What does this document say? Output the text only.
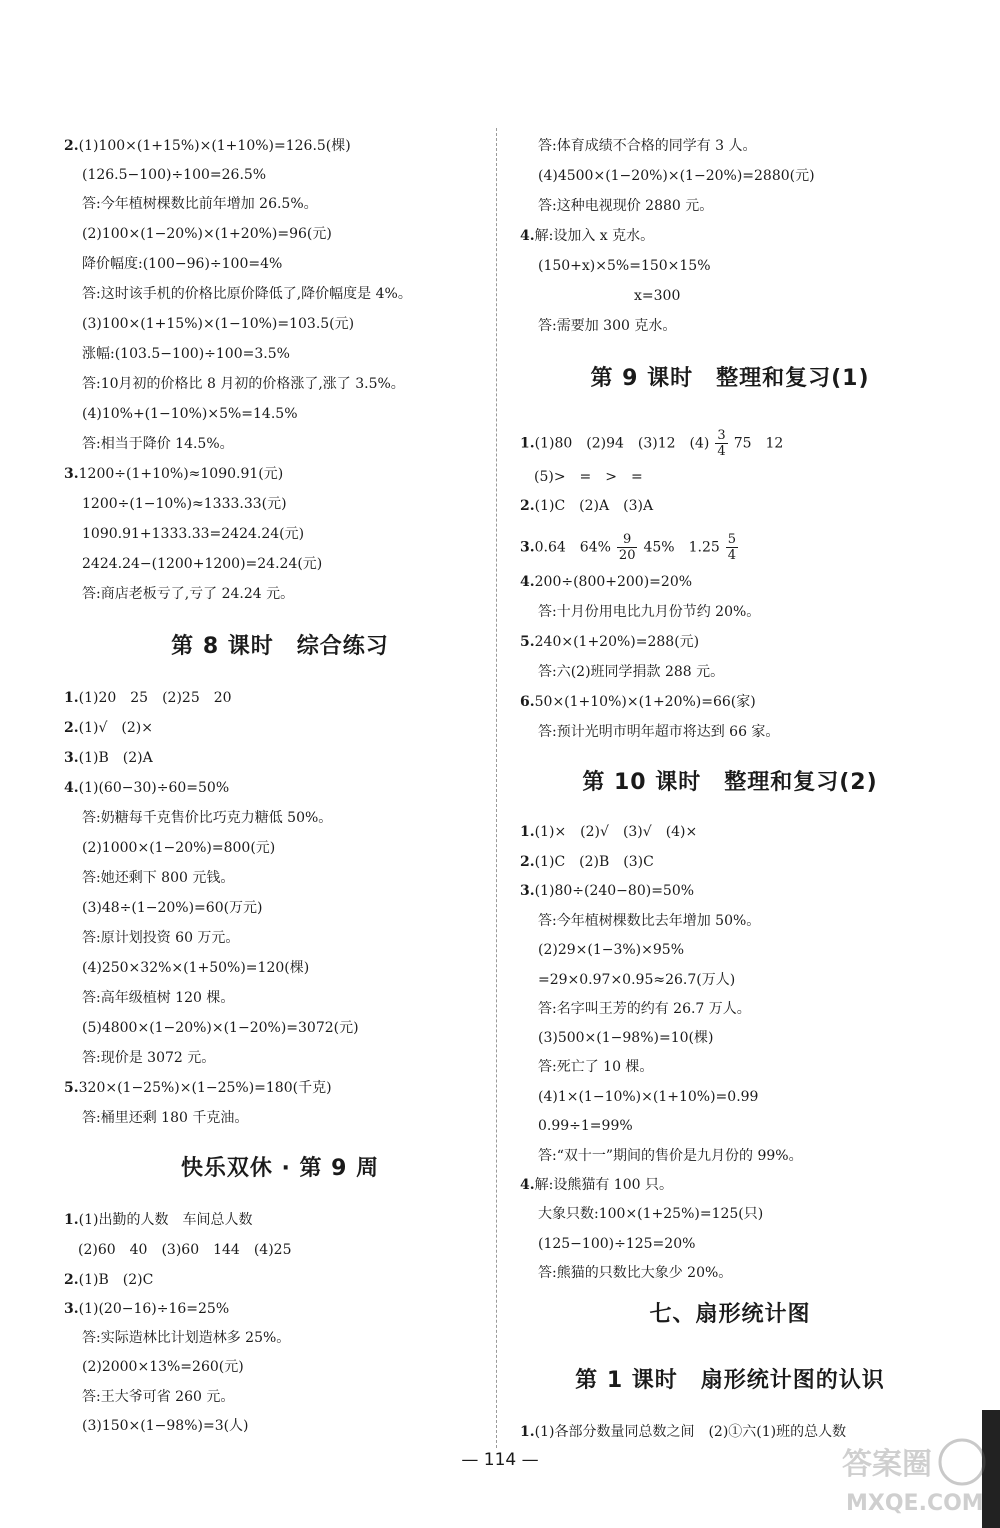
2.(1)100×(1+15%)×(1+10%)=126.5(棵)
(126.5−100)÷100=26.5%
答:今年植树棵数比前年增加 26.5%。
(2)100×(1−20%)×(1+20%)=96(元)
降价幅度:(100−96)÷100=4%
答:这时该手机的价格比原价降低了,降价幅度是 4%。
(3)100×(1+15%)×(1−10%)=103.5(元)
涨幅:(103.5−100)÷100=3.5%
答:10月初的价格比 8 月初的价格涨了,涨了 3.5%。
(4)10%+(1−10%)×5%=14.5%
答:相当于降价 14.5%。
3.1200÷(1+10%)≈1090.91(元)
1200÷(1−10%)≈1333.33(元)
1090.91+1333.33=2424.24(元)
2424.24−(1200+1200)=24.24(元)
答:商店老板亏了,亏了 24.24 元。
1.(1)20　25　(2)25　20
2.(1)√　(2)×
3.(1)B　(2)A
4.(1)(60−30)÷60=50%
答:奶糖每千克售价比巧克力糖低 50%。
(2)1000×(1−20%)=800(元)
答:她还剩下 800 元钱。
(3)48÷(1−20%)=60(万元)
答:原计划投资 60 万元。
(4)250×32%×(1+50%)=120(棵)
答:高年级植树 120 棵。
(5)4800×(1−20%)×(1−20%)=3072(元)
答:现价是 3072 元。
5.320×(1−25%)×(1−25%)=180(千克)
答:桶里还剩 180 千克油。
1.(1)出勤的人数　车间总人数
(2)60　40　(3)60　144　(4)25
2.(1)B　(2)C
3.(1)(20−16)÷16=25%
答:实际造林比计划造林多 25%。
(2)2000×13%=260(元)
答:王大爷可省 260 元。
(3)150×(1−98%)=3(人)
第 8 课时　综合练习
快乐双休 · 第 9 周
答:体育成绩不合格的同学有 3 人。
(4)4500×(1−20%)×(1−20%)=2880(元)
答:这种电视现价 2880 元。
4.解:设加入 x 克水。
(150+x)×5%=150×15%
x=300
答:需要加 300 克水。
　(5)>　=　>　=
2.(1)C　(2)A　(3)A
4.200÷(800+200)=20%
答:十月份用电比九月份节约 20%。
5.240×(1+20%)=288(元)
答:六(2)班同学捐款 288 元。
6.50×(1+10%)×(1+20%)=66(家)
答:预计光明市明年超市将达到 66 家。
1.(1)×　(2)√　(3)√　(4)×
2.(1)C　(2)B　(3)C
3.(1)80÷(240−80)=50%
答:今年植树棵数比去年增加 50%。
(2)29×(1−3%)×95%
=29×0.97×0.95≈26.7(万人)
答:名字叫王芳的约有 26.7 万人。
(3)500×(1−98%)=10(棵)
答:死亡了 10 棵。
(4)1×(1−10%)×(1+10%)=0.99
0.99÷1=99%
答:“双十一”期间的售价是九月份的 99%。
4.解:设熊猫有 100 只。
大象只数:100×(1+25%)=125(只)
(125−100)÷125=20%
答:熊猫的只数比大象少 20%。
1.(1)各部分数量同总数之间　(2)①六(1)班的总人数
第 9 课时　整理和复习(1)
第 10 课时　整理和复习(2)
七、扇形统计图
第 1 课时　扇形统计图的认识
1.(1)80　(2)94　(3)12　$(4) \frac{3}{4} 75$　12
3.0.64　$64\% \frac{9}{20} 45\%$　$1.25 \frac{5}{4}$
— 114 —	答案圈
MXQE.COM
